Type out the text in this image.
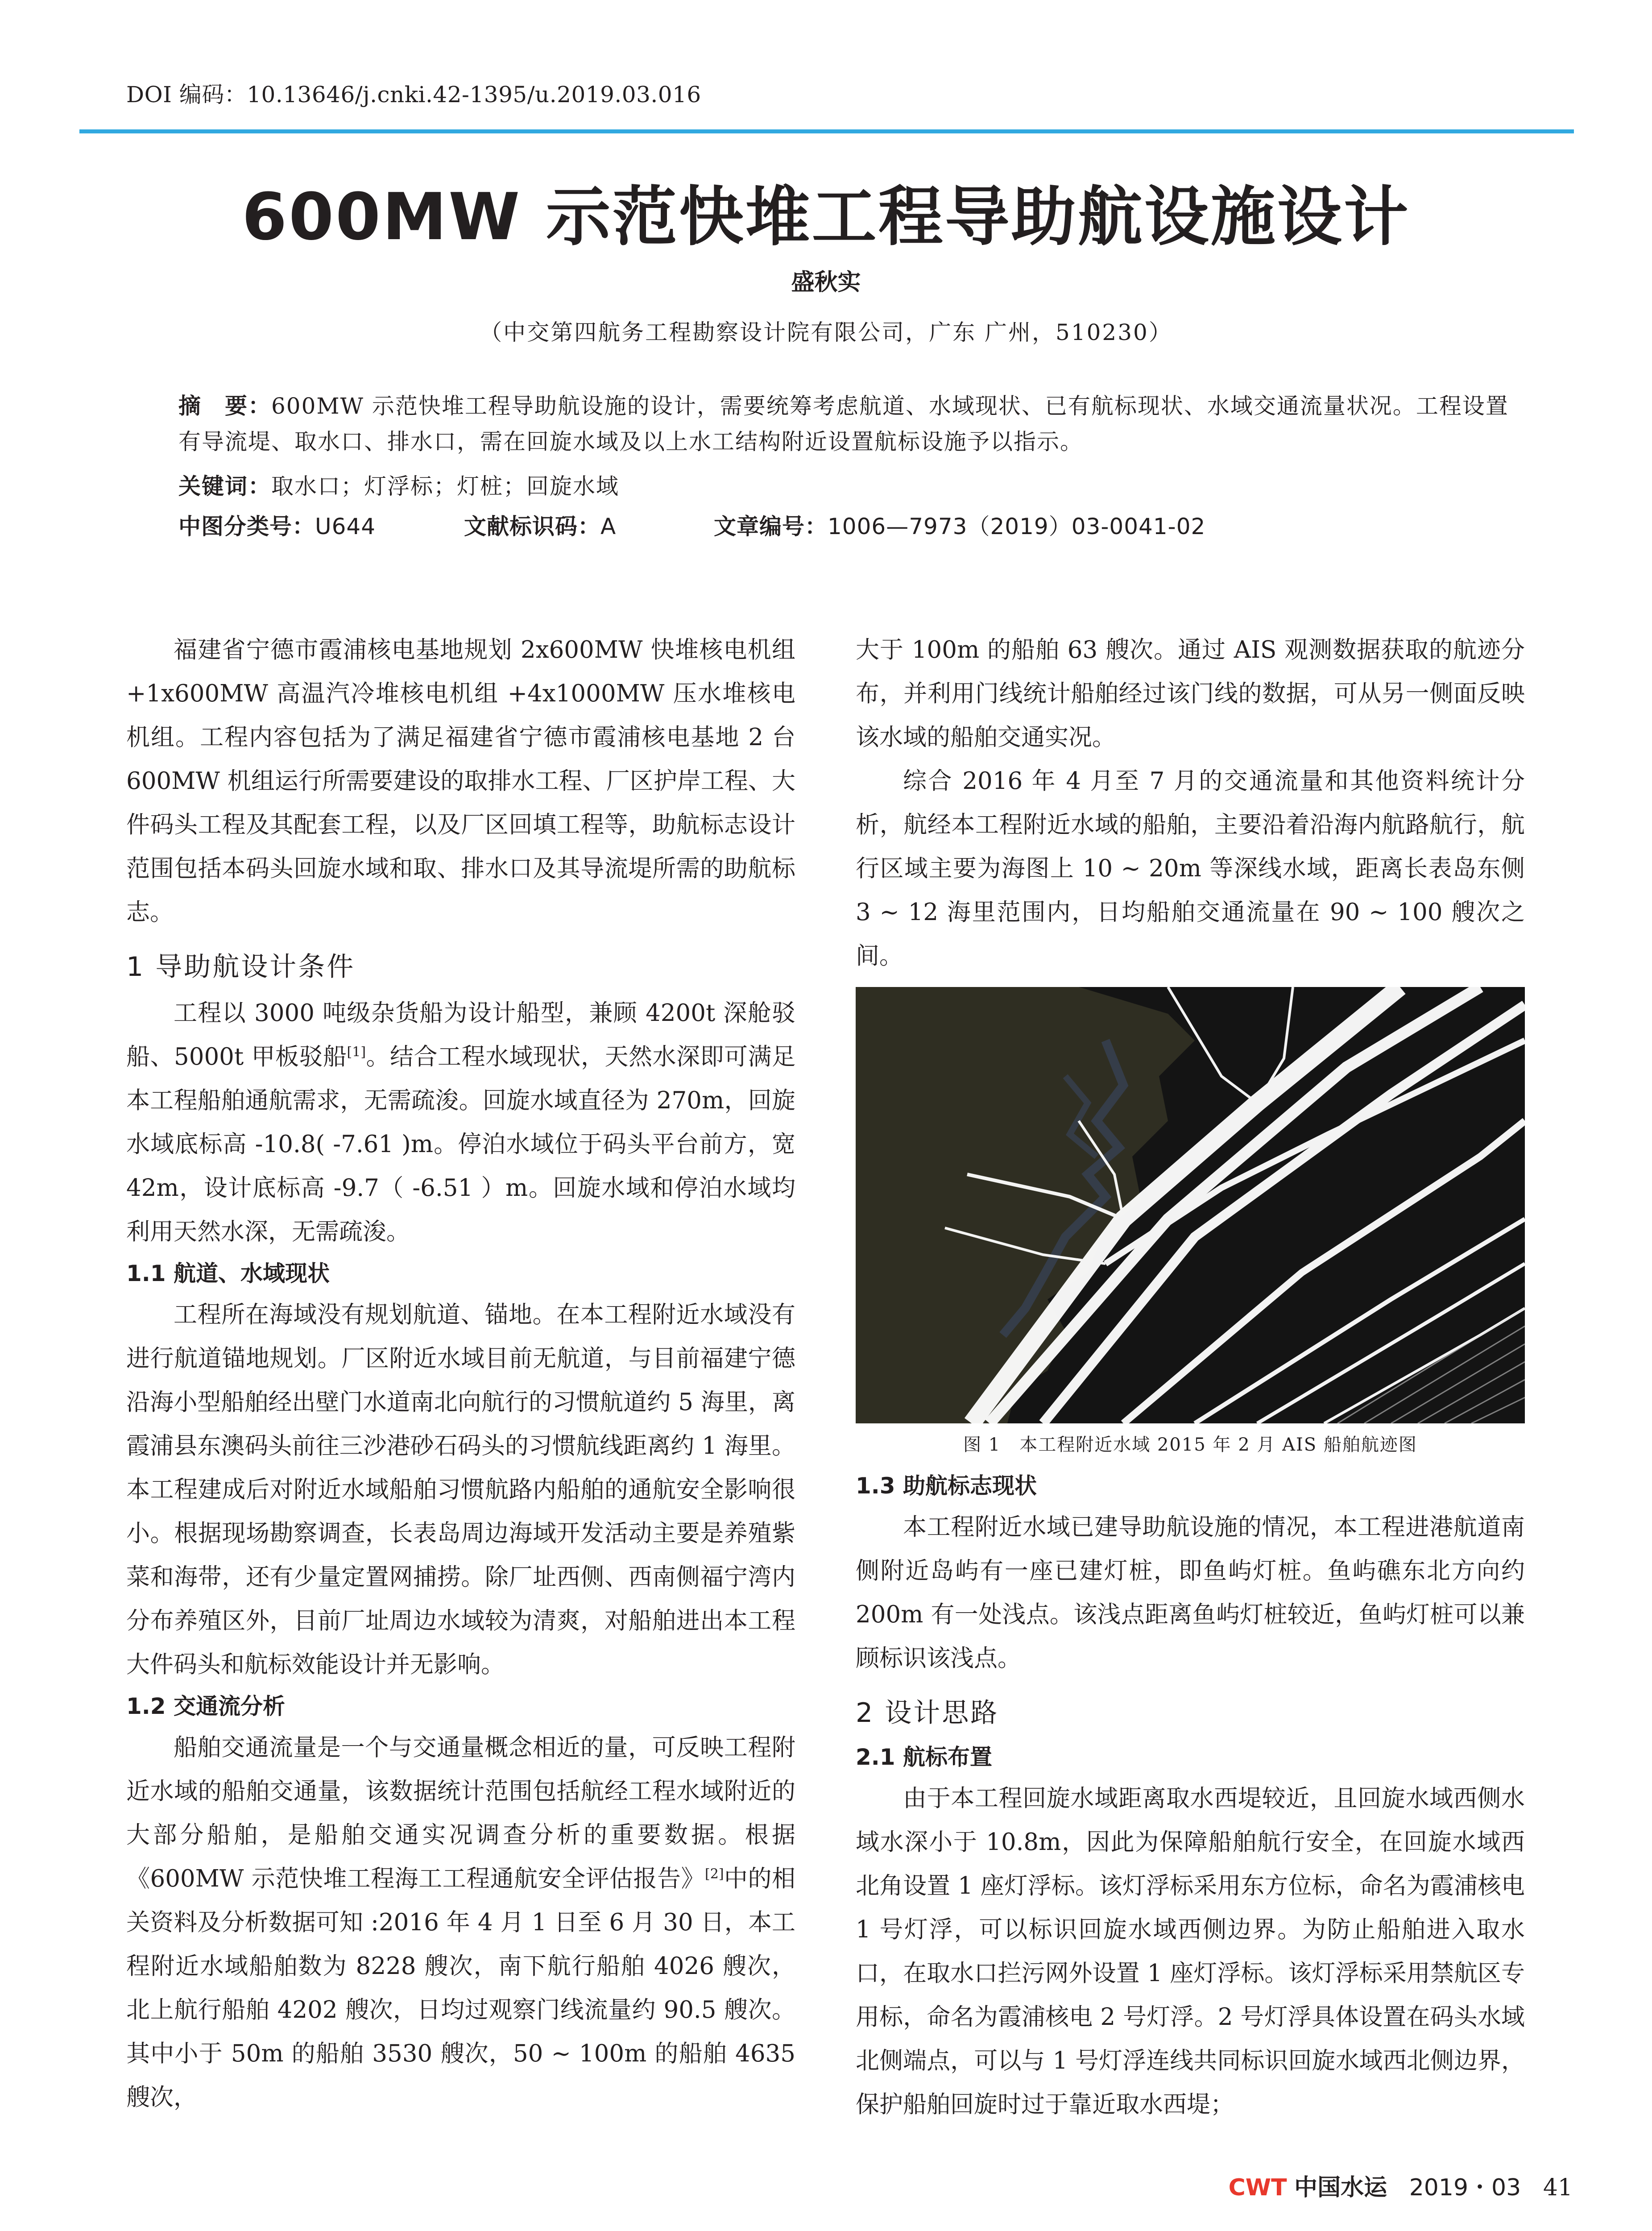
DOI 编码：10.13646/j.cnki.42-1395/u.2019.03.016
600MW 示范快堆工程导助航设施设计
盛秋实
（中交第四航务工程勘察设计院有限公司，广东 广州，510230）
摘　要：600MW 示范快堆工程导助航设施的设计，需要统筹考虑航道、水域现状、已有航标现状、水域交通流量状况。工程设置有导流堤、取水口、排水口，需在回旋水域及以上水工结构附近设置航标设施予以指示。
关键词：取水口；灯浮标；灯桩；回旋水域
中图分类号：U644	文献标识码：A	文章编号：1006—7973（2019）03-0041-02

福建省宁德市霞浦核电基地规划 2x600MW 快堆核电机组 +1x600MW 高温汽冷堆核电机组 +4x1000MW 压水堆核电机组。工程内容包括为了满足福建省宁德市霞浦核电基地 2 台 600MW 机组运行所需要建设的取排水工程、厂区护岸工程、大件码头工程及其配套工程，以及厂区回填工程等，助航标志设计范围包括本码头回旋水域和取、排水口及其导流堤所需的助航标志。

1 导助航设计条件

工程以 3000 吨级杂货船为设计船型，兼顾 4200t 深舱驳船、5000t 甲板驳船[1]。结合工程水域现状，天然水深即可满足本工程船舶通航需求，无需疏浚。回旋水域直径为 270m，回旋水域底标高 -10.8( -7.61 )m。停泊水域位于码头平台前方，宽 42m，设计底标高 -9.7（ -6.51 ）m。回旋水域和停泊水域均利用天然水深，无需疏浚。

1.1 航道、水域现状

工程所在海域没有规划航道、锚地。在本工程附近水域没有进行航道锚地规划。厂区附近水域目前无航道，与目前福建宁德沿海小型船舶经出壁门水道南北向航行的习惯航道约 5 海里，离霞浦县东澳码头前往三沙港砂石码头的习惯航线距离约 1 海里。本工程建成后对附近水域船舶习惯航路内船舶的通航安全影响很小。根据现场勘察调查，长表岛周边海域开发活动主要是养殖紫菜和海带，还有少量定置网捕捞。除厂址西侧、西南侧福宁湾内分布养殖区外，目前厂址周边水域较为清爽，对船舶进出本工程大件码头和航标效能设计并无影响。

1.2 交通流分析

船舶交通流量是一个与交通量概念相近的量，可反映工程附近水域的船舶交通量，该数据统计范围包括航经工程水域附近的大部分船舶，是船舶交通实况调查分析的重要数据。根据《600MW 示范快堆工程海工工程通航安全评估报告》[2]中的相关资料及分析数据可知 :2016 年 4 月 1 日至 6 月 30 日，本工程附近水域船舶数为 8228 艘次，南下航行船舶 4026 艘次，北上航行船舶 4202 艘次，日均过观察门线流量约 90.5 艘次。其中小于 50m 的船舶 3530 艘次，50 ~ 100m 的船舶 4635 艘次，

大于 100m 的船舶 63 艘次。通过 AIS 观测数据获取的航迹分布，并利用门线统计船舶经过该门线的数据，可从另一侧面反映该水域的船舶交通实况。

综合 2016 年 4 月至 7 月的交通流量和其他资料统计分析，航经本工程附近水域的船舶，主要沿着沿海内航路航行，航行区域主要为海图上 10 ~ 20m 等深线水域，距离长表岛东侧 3 ~ 12 海里范围内，日均船舶交通流量在 90 ~ 100 艘次之间。

图 1　本工程附近水域 2015 年 2 月 AIS 船舶航迹图
1.3 助航标志现状

本工程附近水域已建导助航设施的情况，本工程进港航道南侧附近岛屿有一座已建灯桩，即鱼屿灯桩。鱼屿礁东北方向约 200m 有一处浅点。该浅点距离鱼屿灯桩较近，鱼屿灯桩可以兼顾标识该浅点。

2 设计思路
2.1 航标布置

由于本工程回旋水域距离取水西堤较近，且回旋水域西侧水域水深小于 10.8m，因此为保障船舶航行安全，在回旋水域西北角设置 1 座灯浮标。该灯浮标采用东方位标，命名为霞浦核电 1 号灯浮，可以标识回旋水域西侧边界。为防止船舶进入取水口，在取水口拦污网外设置 1 座灯浮标。该灯浮标采用禁航区专用标，命名为霞浦核电 2 号灯浮。2 号灯浮具体设置在码头水域北侧端点，可以与 1 号灯浮连线共同标识回旋水域西北侧边界，保护船舶回旋时过于靠近取水西堤；

CWT 中国水运 2019・03 41
